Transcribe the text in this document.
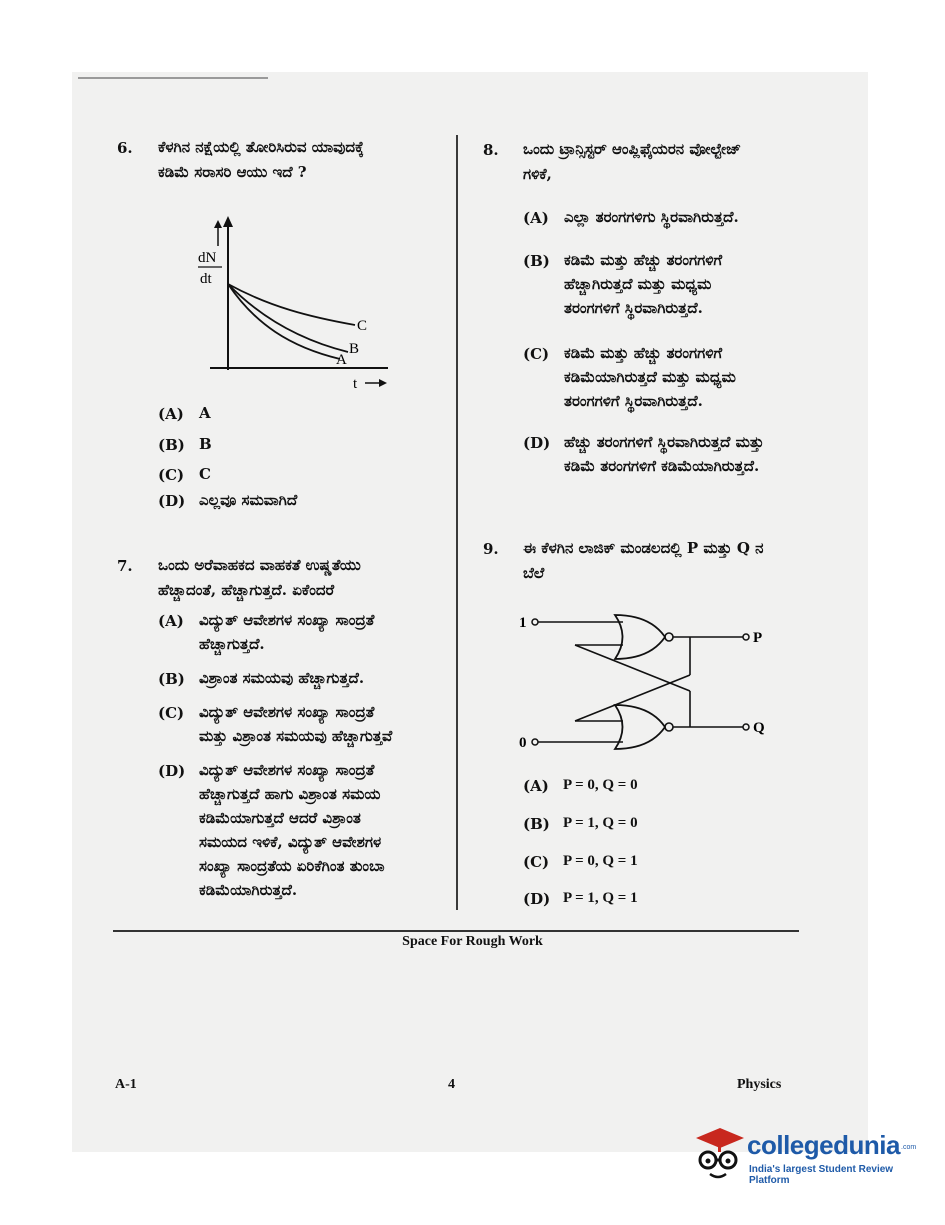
6. ಕೆಳಗಿನ ನಕ್ಷೆಯಲ್ಲಿ ತೋರಿಸಿರುವ ಯಾವುದಕ್ಕೆ
ಕಡಿಮೆ ಸರಾಸರಿ ಆಯು ಇದೆ ?
dN
dt
C
B
A
t
(A) A
(B) B
(C) C
(D) ಎಲ್ಲವೂ ಸಮವಾಗಿದೆ
7. ಒಂದು ಅರೆವಾಹಕದ ವಾಹಕತೆ ಉಷ್ಣತೆಯು
ಹೆಚ್ಚಾದಂತೆ, ಹೆಚ್ಚಾಗುತ್ತದೆ. ಏಕೆಂದರೆ
(A) ವಿದ್ಯುತ್ ಆವೇಶಗಳ ಸಂಖ್ಯಾ ಸಾಂದ್ರತೆ
ಹೆಚ್ಚಾಗುತ್ತದೆ.
(B) ವಿಶ್ರಾಂತ ಸಮಯವು ಹೆಚ್ಚಾಗುತ್ತದೆ.
(C) ವಿದ್ಯುತ್ ಆವೇಶಗಳ ಸಂಖ್ಯಾ ಸಾಂದ್ರತೆ
ಮತ್ತು ವಿಶ್ರಾಂತ ಸಮಯವು ಹೆಚ್ಚಾಗುತ್ತವೆ
(D) ವಿದ್ಯುತ್ ಆವೇಶಗಳ ಸಂಖ್ಯಾ ಸಾಂದ್ರತೆ
ಹೆಚ್ಚಾಗುತ್ತದೆ ಹಾಗು ವಿಶ್ರಾಂತ ಸಮಯ
ಕಡಿಮೆಯಾಗುತ್ತದೆ ಆದರೆ ವಿಶ್ರಾಂತ
ಸಮಯದ ಇಳಿಕೆ, ವಿದ್ಯುತ್ ಆವೇಶಗಳ
ಸಂಖ್ಯಾ ಸಾಂದ್ರತೆಯ ಏರಿಕೆಗಿಂತ ತುಂಬಾ
ಕಡಿಮೆಯಾಗಿರುತ್ತದೆ.
8. ಒಂದು ಟ್ರಾನ್ಸಿಸ್ಟರ್ ಆಂಪ್ಲಿಫೈಯರನ ವೋಲ್ಟೇಜ್
ಗಳಿಕೆ,
(A) ಎಲ್ಲಾ ತರಂಗಗಳಿಗು ಸ್ಥಿರವಾಗಿರುತ್ತದೆ.
(B) ಕಡಿಮೆ ಮತ್ತು ಹೆಚ್ಚು ತರಂಗಗಳಿಗೆ
ಹೆಚ್ಚಾಗಿರುತ್ತದೆ ಮತ್ತು ಮಧ್ಯಮ
ತರಂಗಗಳಿಗೆ ಸ್ಥಿರವಾಗಿರುತ್ತದೆ.
(C) ಕಡಿಮೆ ಮತ್ತು ಹೆಚ್ಚು ತರಂಗಗಳಿಗೆ
ಕಡಿಮೆಯಾಗಿರುತ್ತದೆ ಮತ್ತು ಮಧ್ಯಮ
ತರಂಗಗಳಿಗೆ ಸ್ಥಿರವಾಗಿರುತ್ತದೆ.
(D) ಹೆಚ್ಚು ತರಂಗಗಳಿಗೆ ಸ್ಥಿರವಾಗಿರುತ್ತದೆ ಮತ್ತು
ಕಡಿಮೆ ತರಂಗಗಳಿಗೆ ಕಡಿಮೆಯಾಗಿರುತ್ತದೆ.
9. ಈ ಕೆಳಗಿನ ಲಾಜಿಕ್ ಮಂಡಲದಲ್ಲಿ P ಮತ್ತು Q ನ
ಬೆಲೆ
1
0
P
Q
(A) P = 0, Q = 0
(B) P = 1, Q = 0
(C) P = 0, Q = 1
(D) P = 1, Q = 1
Space For Rough Work
A-1	4	Physics
collegedunia .com
India's largest Student Review Platform
